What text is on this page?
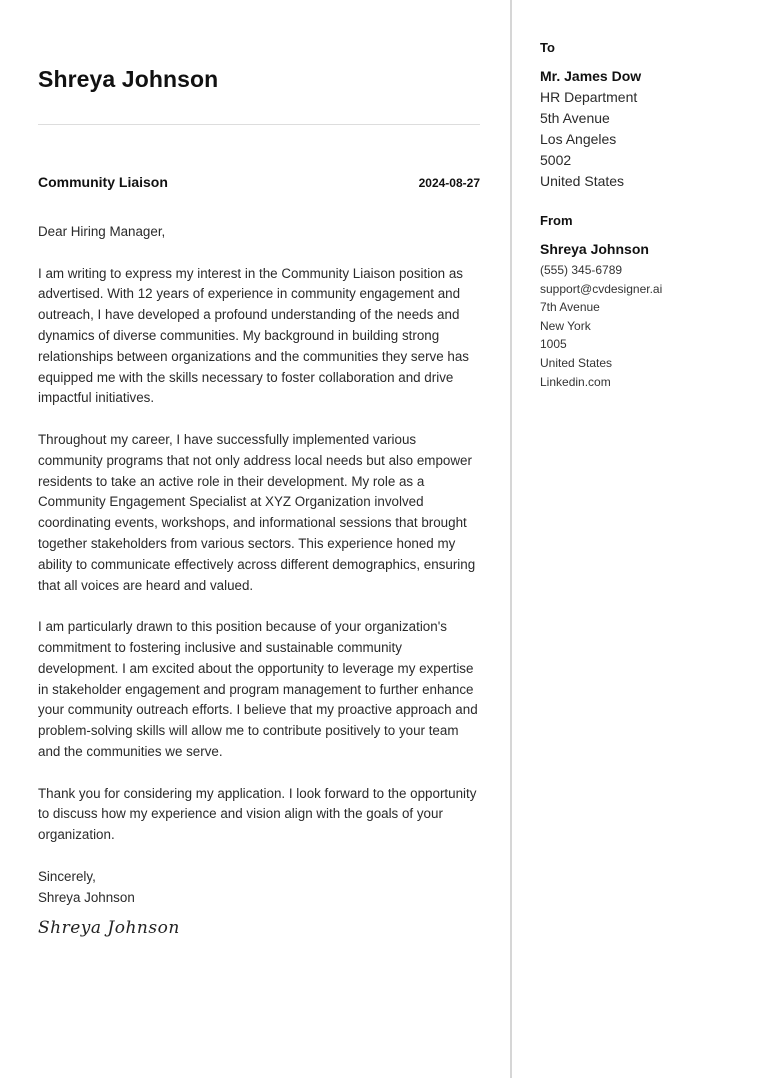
Shreya Johnson
Community Liaison	2024-08-27

Dear Hiring Manager,

I am writing to express my interest in the Community Liaison position as advertised. With 12 years of experience in community engagement and outreach, I have developed a profound understanding of the needs and dynamics of diverse communities. My background in building strong relationships between organizations and the communities they serve has equipped me with the skills necessary to foster collaboration and drive impactful initiatives.

Throughout my career, I have successfully implemented various community programs that not only address local needs but also empower residents to take an active role in their development. My role as a Community Engagement Specialist at XYZ Organization involved coordinating events, workshops, and informational sessions that brought together stakeholders from various sectors. This experience honed my ability to communicate effectively across different demographics, ensuring that all voices are heard and valued.

I am particularly drawn to this position because of your organization's commitment to fostering inclusive and sustainable community development. I am excited about the opportunity to leverage my expertise in stakeholder engagement and program management to further enhance your community outreach efforts. I believe that my proactive approach and problem-solving skills will allow me to contribute positively to your team and the communities we serve.

Thank you for considering my application. I look forward to the opportunity to discuss how my experience and vision align with the goals of your organization.

Sincerely,
Shreya Johnson
Shreya Johnson
To
Mr. James Dow
HR Department
5th Avenue
Los Angeles
5002
United States
From
Shreya Johnson
(555) 345-6789
support@cvdesigner.ai
7th Avenue
New York
1005
United States
Linkedin.com
